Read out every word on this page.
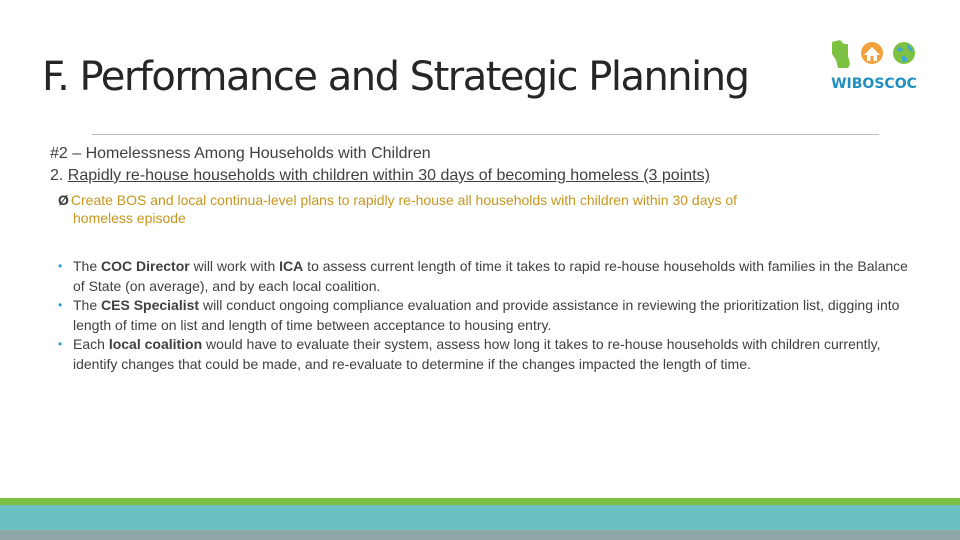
F. Performance and Strategic Planning	WIBOSCOC
#2 – Homelessness Among Households with Children
2. Rapidly re-house households with children within 30 days of becoming homeless (3 points)
Ø Create BOS and local continua-level plans to rapidly re-house all households with children within 30 days of
homeless episode
• The COC Director will work with ICA to assess current length of time it takes to rapid re-house households with families in the Balance of State (on average), and by each local coalition.
• The CES Specialist will conduct ongoing compliance evaluation and provide assistance in reviewing the prioritization list, digging into length of time on list and length of time between acceptance to housing entry.
• Each local coalition would have to evaluate their system, assess how long it takes to re-house households with children currently, identify changes that could be made, and re-evaluate to determine if the changes impacted the length of time.
